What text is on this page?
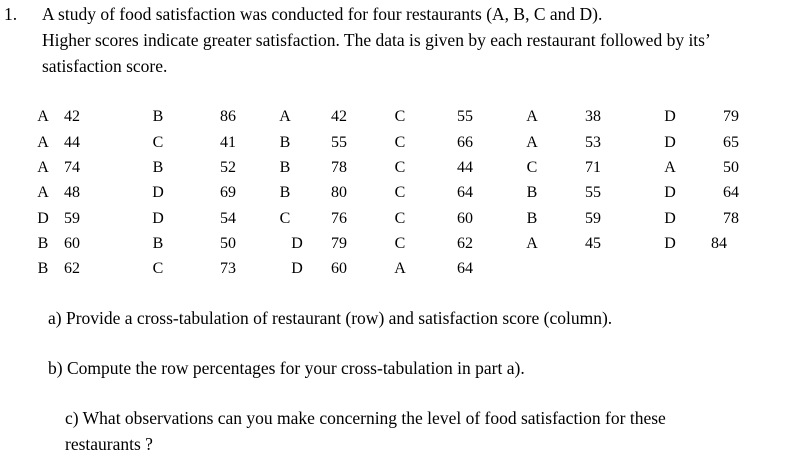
1. A study of food satisfaction was conducted for four restaurants (A, B, C and D).
Higher scores indicate greater satisfaction. The data is given by each restaurant followed by its’
satisfaction score.
A 42
A 44
A 74
A 48
D 59
B 60
B 62
B	86
C	41
B	52
D	69
D	54
B	50
C	73
A	42
B	55
B	78
B	80
C	76
D 79
D 60
C	55
C	66
C	44
C	64
C	60
C	62
A	64
A	38
A	53
C	71
B	55
B	59
A	45
D	79
D	65
A	50
D	64
D	78
D 84
a) Provide a cross-tabulation of restaurant (row) and satisfaction score (column).
b) Compute the row percentages for your cross-tabulation in part a).
c) What observations can you make concerning the level of food satisfaction for these
restaurants ?
